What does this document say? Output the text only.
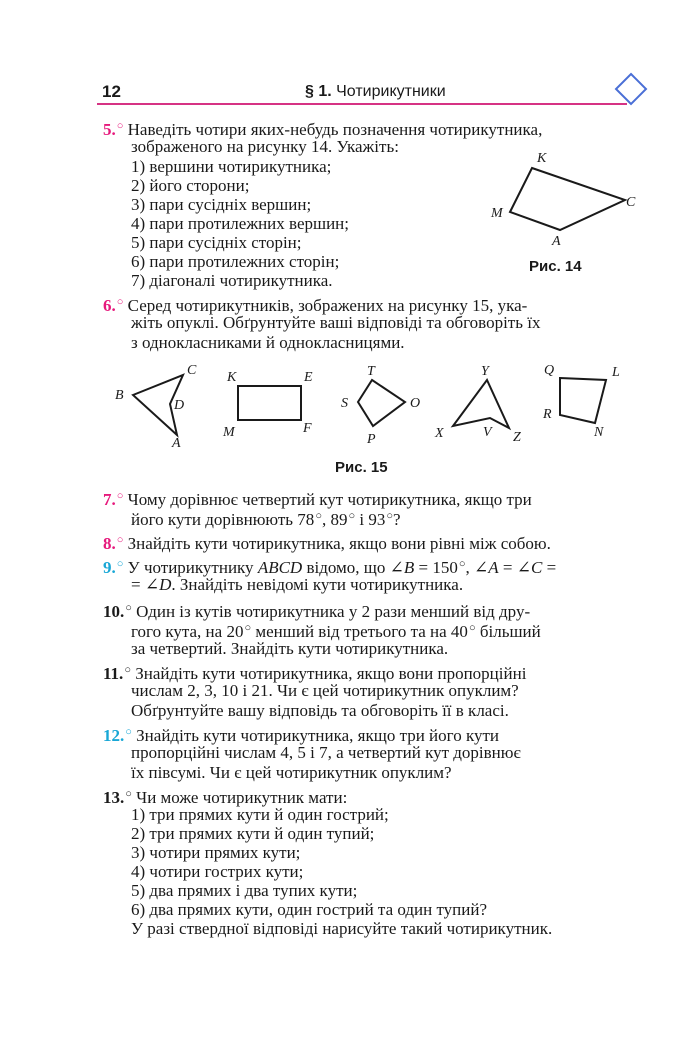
12	§ 1. Чотирикутники
5.○ Наведіть чотири яких-небудь позначення чотирикутника,
зображеного на рисунку 14. Укажіть:
1) вершини чотирикутника;
2) його сторони;
3) пари сусідніх вершин;
4) пари протилежних вершин;
5) пари сусідніх сторін;
6) пари протилежних сторін;
7) діагоналі чотирикутника.
K
M
C
A
Рис. 14
6.○ Серед чотирикутників, зображених на рисунку 15, ука-
жіть опуклі. Обґрунтуйте ваші відповіді та обговоріть їх
з однокласниками й однокласницями.
B
C
D
A
K	E
M	F
T
S	O
P
Y
X	V Z
Q	L
R
N
Рис. 15
7.○ Чому дорівнює четвертий кут чотирикутника, якщо три
його кути дорівнюють 78○, 89○ і 93○?
8.○ Знайдіть кути чотирикутника, якщо вони рівні між собою.
9.○ У чотирикутнику ABCD відомо, що ∠B = 150○, ∠A = ∠C =
= ∠D. Знайдіть невідомі кути чотирикутника.
10.○ Один із кутів чотирикутника у 2 рази менший від дру-
гого кута, на 20○ менший від третього та на 40○ більший
за четвертий. Знайдіть кути чотирикутника.
11.○ Знайдіть кути чотирикутника, якщо вони пропорційні
числам 2, 3, 10 і 21. Чи є цей чотирикутник опуклим?
Обґрунтуйте вашу відповідь та обговоріть її в класі.
12.○ Знайдіть кути чотирикутника, якщо три його кути
пропорційні числам 4, 5 і 7, а четвертий кут дорівнює
їх півсумі. Чи є цей чотирикутник опуклим?
13.○ Чи може чотирикутник мати:
1) три прямих кути й один гострий;
2) три прямих кути й один тупий;
3) чотири прямих кути;
4) чотири гострих кути;
5) два прямих і два тупих кути;
6) два прямих кути, один гострий та один тупий?
У разі ствердної відповіді нарисуйте такий чотирикутник.
